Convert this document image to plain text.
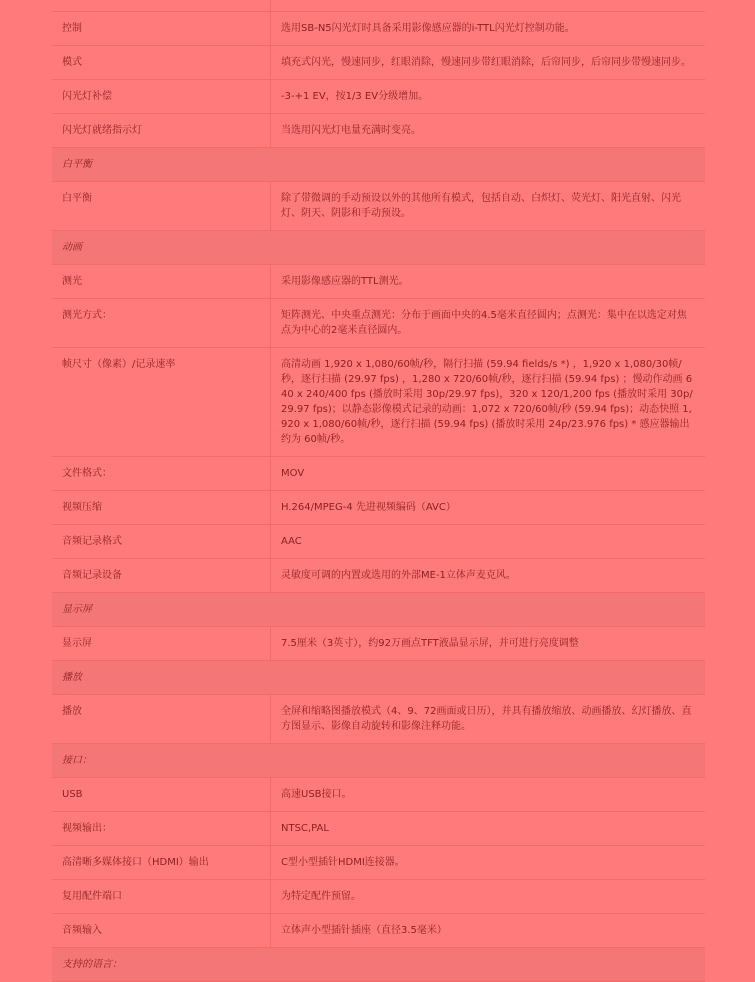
控制	选用SB-N5闪光灯时具备采用影像感应器的i-TTL闪光灯控制功能。
模式	填充式闪光，慢速同步，红眼消除，慢速同步带红眼消除，后帘同步，后帘同步带慢速同步。
闪光灯补偿	-3-+1 EV，按1/3 EV分级增加。
闪光灯就绪指示灯	当选用闪光灯电量充满时变亮。
白平衡	
白平衡	除了带微调的手动预设以外的其他所有模式，包括自动、白炽灯、荧光灯、阳光直射、闪光灯、阴天、阴影和手动预设。
动画	
测光	采用影像感应器的TTL测光。
测光方式：	矩阵测光、中央重点测光：分布于画面中央的4.5毫米直径圆内；点测光：集中在以选定对焦点为中心的2毫米直径圆内。
帧尺寸（像素）/记录速率	高清动画 1,920 x 1,080/60帧/秒，隔行扫描 (59.94 fields/s *) ，1,920 x 1,080/30帧/秒，逐行扫描 (29.97 fps) ，1,280 x 720/60帧/秒，逐行扫描 (59.94 fps) ；慢动作动画 640 x 240/400 fps (播放时采用 30p/29.97 fps)，320 x 120/1,200 fps (播放时采用 30p/29.97 fps)；以静态影像模式记录的动画：1,072 x 720/60帧/秒 (59.94 fps)；动态快照 1,920 x 1,080/60帧/秒，逐行扫描 (59.94 fps) (播放时采用 24p/23.976 fps) * 感应器输出约为 60帧/秒。
文件格式：	MOV
视频压缩	H.264/MPEG-4 先进视频编码（AVC）
音频记录格式	AAC
音频记录设备	灵敏度可调的内置或选用的外部ME-1立体声麦克风。
显示屏	
显示屏	7.5厘米（3英寸），约92万画点TFT液晶显示屏，并可进行亮度调整
播放	
播放	全屏和缩略图播放模式（4、9、72画面或日历），并具有播放缩放、动画播放、幻灯播放、直方图显示、影像自动旋转和影像注释功能。
接口：	
USB	高速USB接口。
视频输出：	NTSC,PAL
高清晰多媒体接口（HDMI）输出	C型小型插针HDMI连接器。
复用配件端口	为特定配件预留。
音频输入	立体声小型插针插座（直径3.5毫米）
支持的语言：	
